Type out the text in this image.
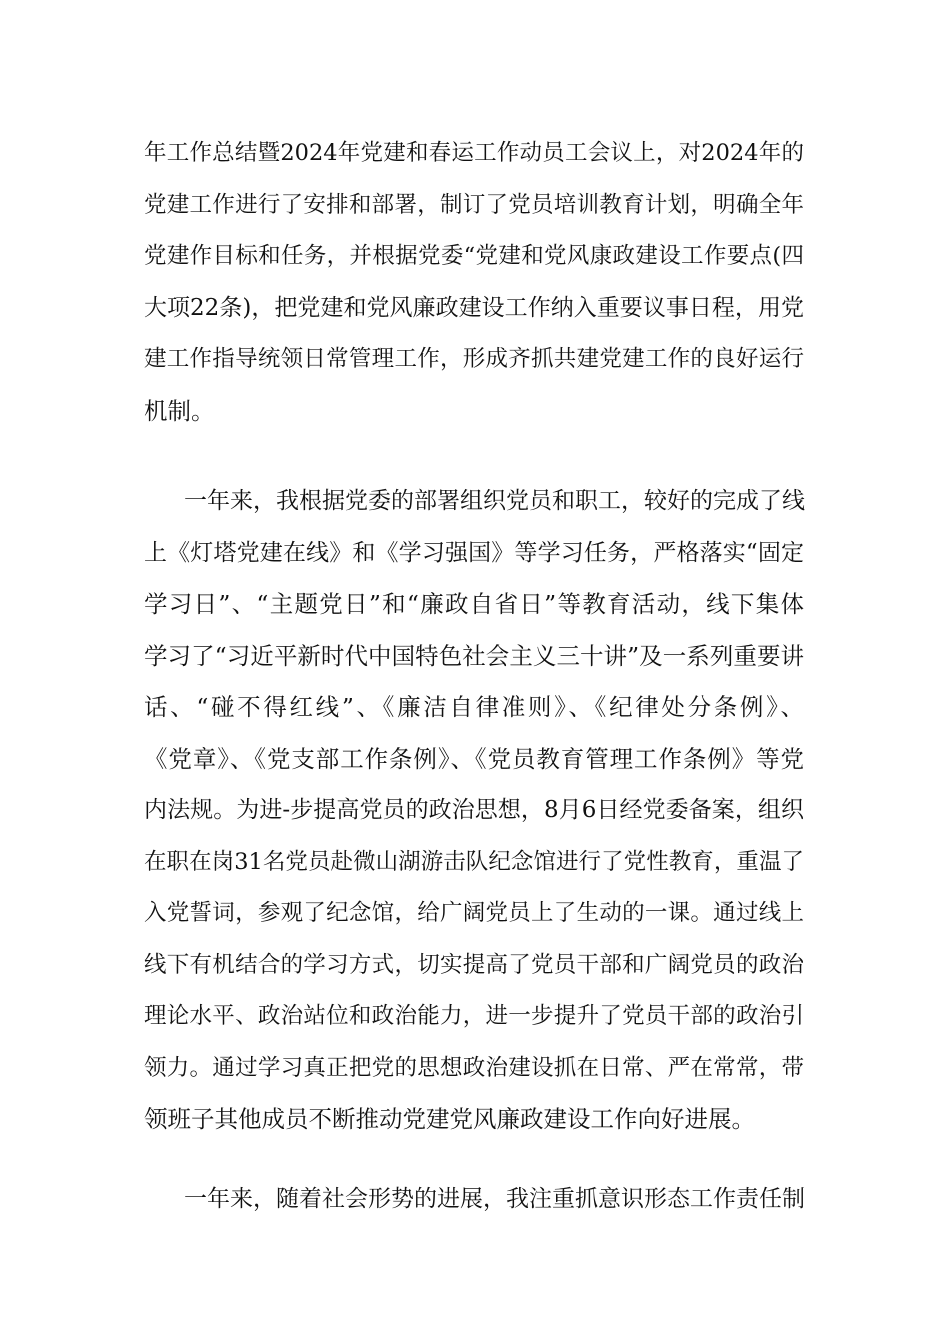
年工作总结暨2024年党建和春运工作动员工会议上，对2024年的
党建工作进行了安排和部署，制订了党员培训教育计划，明确全年
党建作目标和任务，并根据党委“党建和党风康政建设工作要点(四
大项22条)，把党建和党风廉政建设工作纳入重要议事日程，用党
建工作指导统领日常管理工作，形成齐抓共建党建工作的良好运行
机制。
一年来，我根据党委的部署组织党员和职工，较好的完成了线
上《灯塔党建在线》和《学习强国》等学习任务，严格落实“固定
学习日”、“主题党日”和“廉政自省日”等教育活动，线下集体
学习了“习近平新时代中国特色社会主义三十讲”及一系列重要讲
话、“碰不得红线”、《廉洁自律准则》、《纪律处分条例》、
《党章》、《党支部工作条例》、《党员教育管理工作条例》等党
内法规。为进-步提高党员的政治思想，8月6日经党委备案，组织
在职在岗31名党员赴微山湖游击队纪念馆进行了党性教育，重温了
入党誓词，参观了纪念馆，给广阔党员上了生动的一课。通过线上
线下有机结合的学习方式，切实提高了党员干部和广阔党员的政治
理论水平、政治站位和政治能力，进一步提升了党员干部的政治引
领力。通过学习真正把党的思想政治建设抓在日常、严在常常，带
领班子其他成员不断推动党建党风廉政建设工作向好进展。
一年来，随着社会形势的进展，我注重抓意识形态工作责任制
